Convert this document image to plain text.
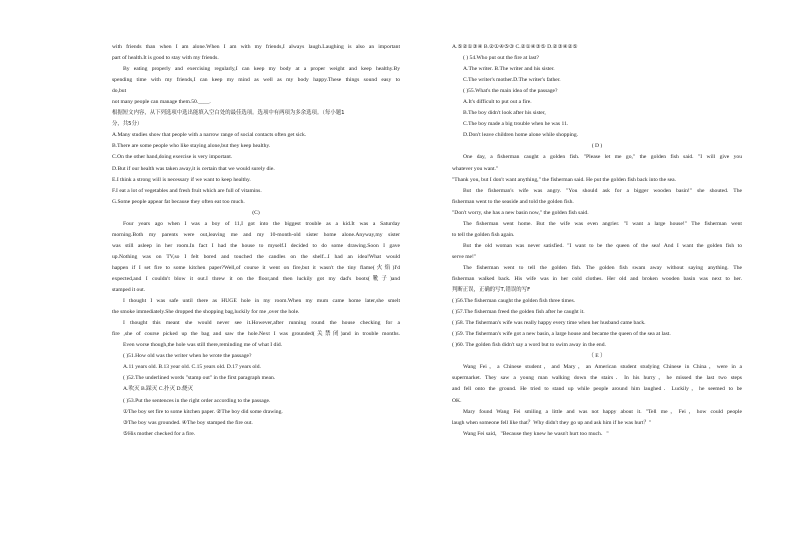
with friends than when I am alone.When I am with my friends,I always laugh.Laughing is also an important
part of health.It is good to stay with my friends.
By eating properly and exercising regularly,I can keep my body at a proper weight and keep healthy.By
spending time with my friends,I can keep my mind as well as my body happy.These things sound easy to
do,but
not many people can manage them.50.____.
根据短文内容，从下列选项中选出能填入空白处的最佳选项。选项中有两项为多余选项。（每小题1
分，共5分）
A.Many studies show that people with a narrow range of social contacts often get sick.
B.There are some people who like staying alone,but they keep healthy.
C.On the other hand,doing exercise is very important.
D.But if our health was taken away,it is certain that we would surely die.
E.I think a strong will is necessary if we want to keep healthy.
F.I eat a lot of vegetables and fresh fruit which are full of vitamins.
G.Some people appear fat because they often eat too much.
(C)
Four years ago when I was a boy of 11,I got into the biggest trouble as a kid.It was a Saturday
morning.Both my parents were out,leaving me and my 10-month-old sister home alone.Anyway,my sister
was still asleep in her room.In fact I had the house to myself.I decided to do some drawing.Soon I gave
up.Nothing was on TV,so I felt bored and touched the candles on the shelf...I had an idea!What would
happen if I set fire to some kitchen paper?Well,of course it went on fire,but it wasn't the tiny flame(火焰)I'd
expected,and I couldn't blow it out.I threw it on the floor,and then luckily got my dad's boots(靴子)and
stamped it out.
I thought I was safe until there as HUGE hole in my room.When my mum came home later,she smelt
the smoke immediately.She dropped the shopping bag,luckily for me ,over the hole.
I thought this meant she would never see it.However,after running round the house checking for a
fire ,she of course picked up the bag and saw the hole.Next I was grounded(关禁闭)and in trouble months.
Even worse though,the hole was still there,reminding me of what I did.
( )51.How old was the writer when he wrote the passage?
A.11 years old. B.13 year old. C.15 years old. D.17 years old.
( )52.The underlined words "stamp out" in the first paragraph mean.
A.吹灭 B.踩灭 C.扑灭 D.烧灭
( )53.Put the sentences in the right order according to the passage.
①The boy set fire to some kitchen paper. ②The boy did some drawing.
③The boy was grounded. ④The boy stamped the fire out.
⑤His mother checked for a fire.
A.⑤②①③④ B.②①④⑤③ C.②①④③⑤ D.②③④②⑤
( ) 54.Who put out the fire at last?
A.The writer. B.The writer and his sister.
C.The writer's mother.D.The writer's father.
( )55.What's the main idea of the passage?
A.It's difficult to put out a fire.
B.The boy didn't look after his sister,
C.The boy made a big trouble when he was 11.
D.Don't leave children home alone while shopping.
( D )
One day, a fisherman caught a golden fish. "Please let me go," the golden fish said. "I will give you
whatever you want."
"Thank you, but I don't want anything," the fisherman said. He put the golden fish back into the sea.
But the fisherman's wife was angry. "You should ask for a bigger wooden basin!" she shouted. The
fisherman went to the seaside and told the golden fish.
"Don't worry, she has a new basin now," the golden fish said.
The fisherman went home. But the wife was even angrier. "I want a large house!" The fisherman went
to tell the golden fish again.
But the old woman was never satisfied. "I want to be the queen of the sea! And I want the golden fish to
serve me!"
The fisherman went to tell the golden fish. The golden fish swam away without saying anything. The
fisherman walked back. His wife was in her cold clothes. Her old and broken wooden basin was next to her.
判断正误，正确的写T,错误的写F
( )56.The fisherman caught the golden fish three times.
( )57.The fisherman freed the golden fish after he caught it.
( )58. The fisherman's wife was really happy every time when her husband came back.
( )59. The fisherman's wife got a new basin, a large house and became the queen of the sea at last.
( )60. The golden fish didn't say a word but to swim away in the end.
（ E ）
Wang Fei，a Chinese student，and Mary，an American student studying Chinese in China，were in a
supermarket. They saw a young man walking down the stairs．In his hurry，he missed the last two steps
and fell onto the ground. He tried to stand up while people around him laughed．Luckily，he seemed to be
OK.
Mary found Wang Fei smiling a little and was not happy about it. "Tell me，Fei，how could people
laugh when someone fell like that？Why didn't they go up and ask him if he was hurt？"
Wang Fei said，"Because they knew he wasn't hurt too much．"
